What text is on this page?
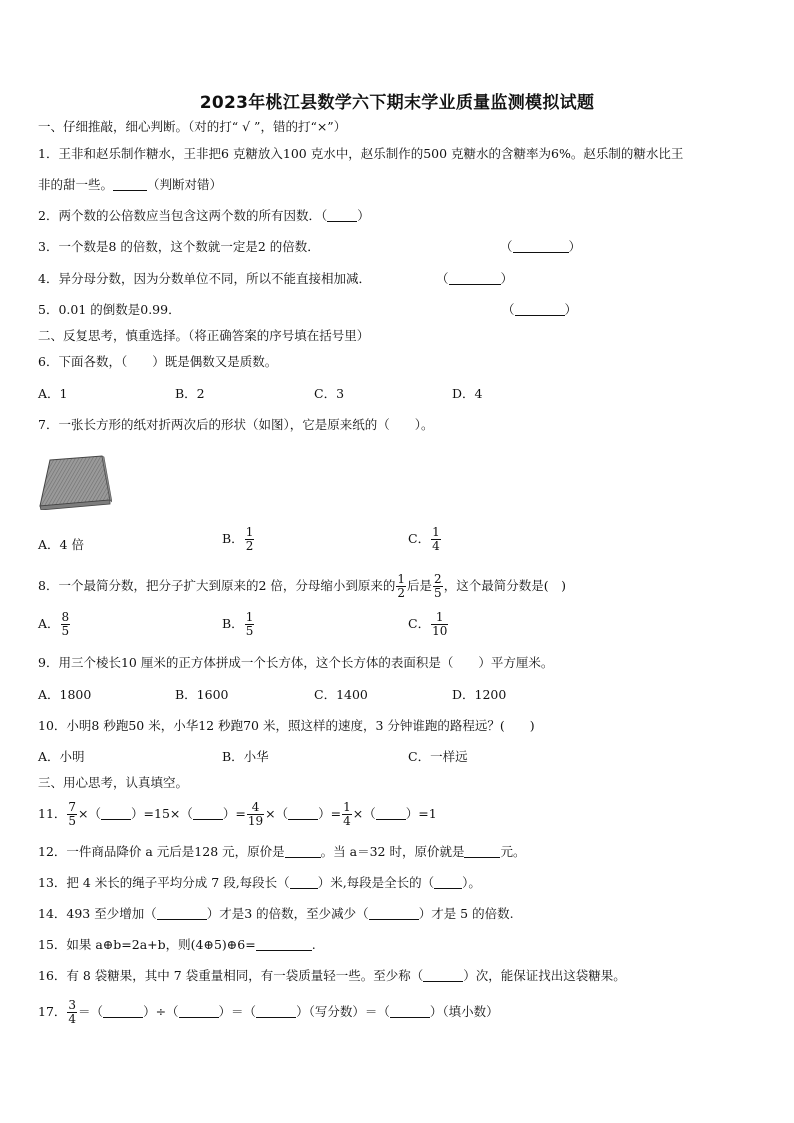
2023年桃江县数学六下期末学业质量监测模拟试题
一、仔细推敲，细心判断。（对的打“ √ ”，错的打“×”）
1．王非和赵乐制作糖水，王非把6 克糖放入100 克水中，赵乐制作的500 克糖水的含糖率为6%。赵乐制的糖水比王
非的甜一些。	（判断对错）
2．两个数的公倍数应当包含这两个数的所有因数．（ ）
3．一个数是8 的倍数，这个数就一定是2 的倍数．	（	）
4．异分母分数，因为分数单位不同，所以不能直接相加减．	（	）
5．0.01 的倒数是0.99．	（	）
二、反复思考，慎重选择。（将正确答案的序号填在括号里）
6．下面各数，（　　）既是偶数又是质数。
A．1	B．2	C．3	D．4
7．一张长方形的纸对折两次后的形状（如图），它是原来纸的（　　）。
A．4 倍	B． $\frac{1}{2}$	C． $\frac{1}{4}$
8．一个最简分数，把分子扩大到原来的2 倍，分母缩小到原来的 $\frac{1}{2}$ 后是 $\frac{2}{5}$ ，这个最简分数是(　)
A． $\frac{8}{5}$	B． $\frac{1}{5}$	C． $\frac{1}{10}$
9．用三个棱长10 厘米的正方体拼成一个长方体，这个长方体的表面积是（　　）平方厘米。
A．1800	B．1600	C．1400	D．1200
10．小明8 秒跑50 米，小华12 秒跑70 米，照这样的速度，3 分钟谁跑的路程远？(　　)
A．小明	B．小华	C．一样远
三、用心思考，认真填空。
11． $\frac{7}{5}$ ×（ ）=15×（ ）= $\frac{4}{19}$ ×（ ）= $\frac{1}{4}$ ×（ ）=1
12．一件商品降价 a 元后是128 元，原价是	。当 a＝32 时，原价就是	元。
13．把 4 米长的绳子平均分成 7 段,每段长（ ）米,每段是全长的（ ）。
14．493 至少增加（	）才是3 的倍数，至少减少（	）才是 5 的倍数.
15．如果 a⊕b=2a+b，则(4⊕5)⊕6=	.
16．有 8 袋糖果，其中 7 袋重量相同，有一袋质量轻一些。至少称（	）次，能保证找出这袋糖果。
17． $\frac{3}{4}$ ＝（	）÷（	）＝（	）（写分数）＝（	）（填小数）
